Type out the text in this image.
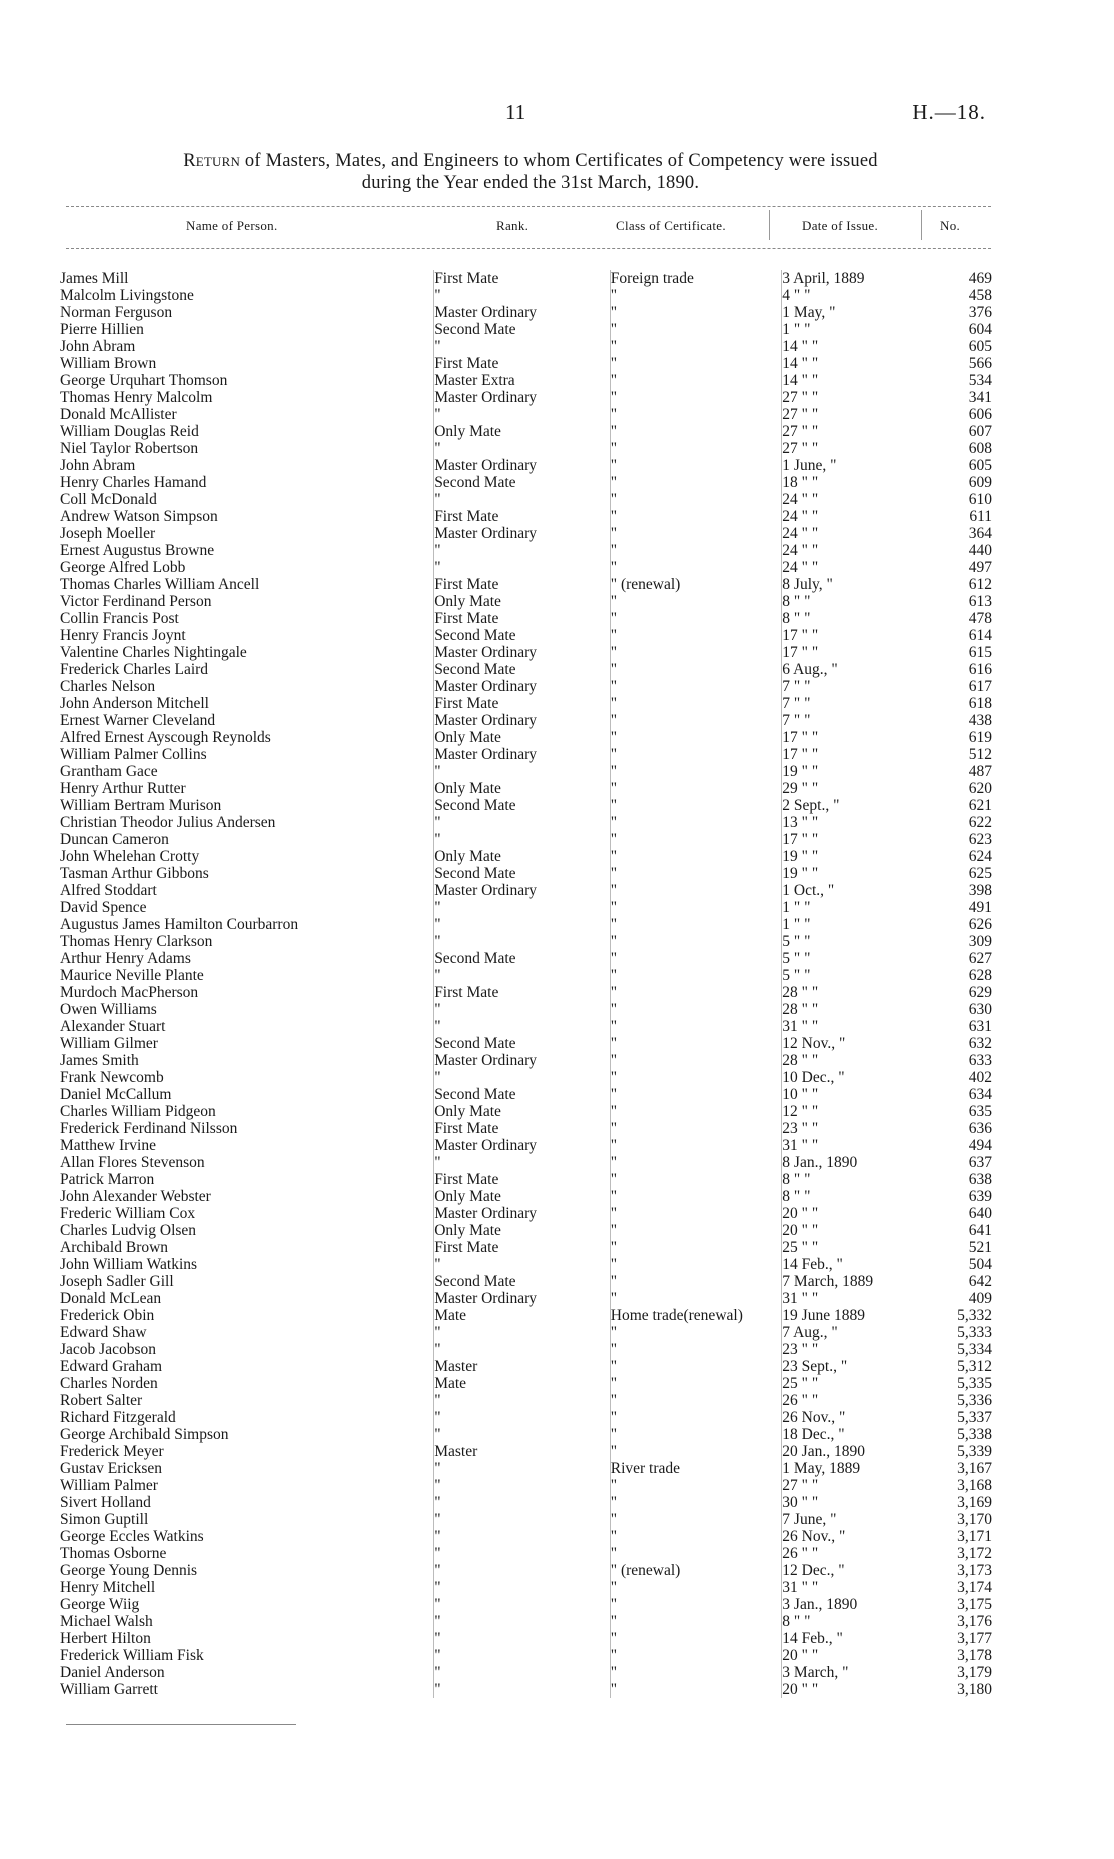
11	H.—18.
Return of Masters, Mates, and Engineers to whom Certificates of Competency were issued
during the Year ended the 31st March, 1890.
Name of Person.	Rank.	Class of Certificate.	Date of Issue.	No.
James Mill	First Mate	Foreign trade	3 April, 1889	469
Malcolm Livingstone	"	"	4 " "	458
Norman Ferguson	Master Ordinary	"	1 May, "	376
Pierre Hillien	Second Mate	"	1 " "	604
John Abram	"	"	14 " "	605
William Brown	First Mate	"	14 " "	566
George Urquhart Thomson	Master Extra	"	14 " "	534
Thomas Henry Malcolm	Master Ordinary	"	27 " "	341
Donald McAllister	"	"	27 " "	606
William Douglas Reid	Only Mate	"	27 " "	607
Niel Taylor Robertson	"	"	27 " "	608
John Abram	Master Ordinary	"	1 June, "	605
Henry Charles Hamand	Second Mate	"	18 " "	609
Coll McDonald	"	"	24 " "	610
Andrew Watson Simpson	First Mate	"	24 " "	611
Joseph Moeller	Master Ordinary	"	24 " "	364
Ernest Augustus Browne	"	"	24 " "	440
George Alfred Lobb	"	"	24 " "	497
Thomas Charles William Ancell	First Mate	" (renewal)	8 July, "	612
Victor Ferdinand Person	Only Mate	"	8 " "	613
Collin Francis Post	First Mate	"	8 " "	478
Henry Francis Joynt	Second Mate	"	17 " "	614
Valentine Charles Nightingale	Master Ordinary	"	17 " "	615
Frederick Charles Laird	Second Mate	"	6 Aug., "	616
Charles Nelson	Master Ordinary	"	7 " "	617
John Anderson Mitchell	First Mate	"	7 " "	618
Ernest Warner Cleveland	Master Ordinary	"	7 " "	438
Alfred Ernest Ayscough Reynolds	Only Mate	"	17 " "	619
William Palmer Collins	Master Ordinary	"	17 " "	512
Grantham Gace	"	"	19 " "	487
Henry Arthur Rutter	Only Mate	"	29 " "	620
William Bertram Murison	Second Mate	"	2 Sept., "	621
Christian Theodor Julius Andersen	"	"	13 " "	622
Duncan Cameron	"	"	17 " "	623
John Whelehan Crotty	Only Mate	"	19 " "	624
Tasman Arthur Gibbons	Second Mate	"	19 " "	625
Alfred Stoddart	Master Ordinary	"	1 Oct., "	398
David Spence	"	"	1 " "	491
Augustus James Hamilton Courbarron	"	"	1 " "	626
Thomas Henry Clarkson	"	"	5 " "	309
Arthur Henry Adams	Second Mate	"	5 " "	627
Maurice Neville Plante	"	"	5 " "	628
Murdoch MacPherson	First Mate	"	28 " "	629
Owen Williams	"	"	28 " "	630
Alexander Stuart	"	"	31 " "	631
William Gilmer	Second Mate	"	12 Nov., "	632
James Smith	Master Ordinary	"	28 " "	633
Frank Newcomb	"	"	10 Dec., "	402
Daniel McCallum	Second Mate	"	10 " "	634
Charles William Pidgeon	Only Mate	"	12 " "	635
Frederick Ferdinand Nilsson	First Mate	"	23 " "	636
Matthew Irvine	Master Ordinary	"	31 " "	494
Allan Flores Stevenson	"	"	8 Jan., 1890	637
Patrick Marron	First Mate	"	8 " "	638
John Alexander Webster	Only Mate	"	8 " "	639
Frederic William Cox	Master Ordinary	"	20 " "	640
Charles Ludvig Olsen	Only Mate	"	20 " "	641
Archibald Brown	First Mate	"	25 " "	521
John William Watkins	"	"	14 Feb., "	504
Joseph Sadler Gill	Second Mate	"	7 March, 1889	642
Donald McLean	Master Ordinary	"	31 " "	409
Frederick Obin	Mate	Home trade(renewal)	19 June 1889	5,332
Edward Shaw	"	"	7 Aug., "	5,333
Jacob Jacobson	"	"	23 " "	5,334
Edward Graham	Master	"	23 Sept., "	5,312
Charles Norden	Mate	"	25 " "	5,335
Robert Salter	"	"	26 " "	5,336
Richard Fitzgerald	"	"	26 Nov., "	5,337
George Archibald Simpson	"	"	18 Dec., "	5,338
Frederick Meyer	Master	"	20 Jan., 1890	5,339
Gustav Ericksen	"	River trade	1 May, 1889	3,167
William Palmer	"	"	27 " "	3,168
Sivert Holland	"	"	30 " "	3,169
Simon Guptill	"	"	7 June, "	3,170
George Eccles Watkins	"	"	26 Nov., "	3,171
Thomas Osborne	"	"	26 " "	3,172
George Young Dennis	"	" (renewal)	12 Dec., "	3,173
Henry Mitchell	"	"	31 " "	3,174
George Wiig	"	"	3 Jan., 1890	3,175
Michael Walsh	"	"	8 " "	3,176
Herbert Hilton	"	"	14 Feb., "	3,177
Frederick William Fisk	"	"	20 " "	3,178
Daniel Anderson	"	"	3 March, "	3,179
William Garrett	"	"	20 " "	3,180
